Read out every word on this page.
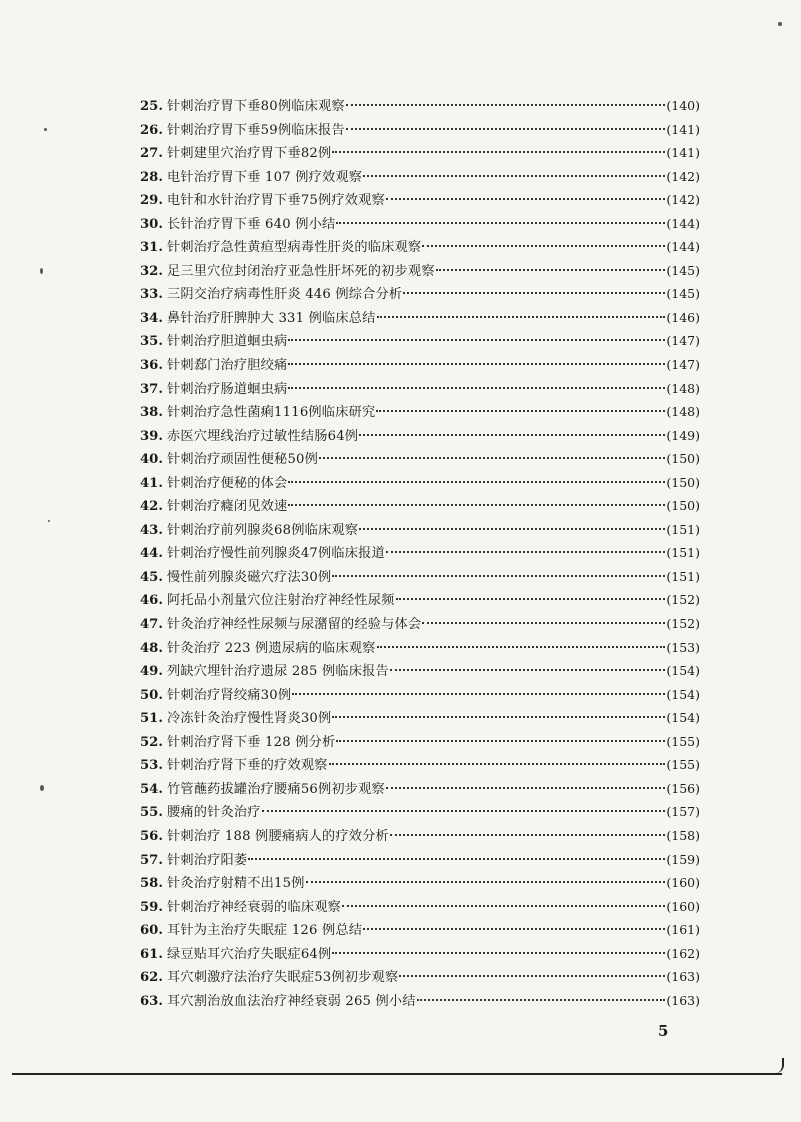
25. 针刺治疗胃下垂80例临床观察	(140)
26. 针刺治疗胃下垂59例临床报告	(141)
27. 针刺建里穴治疗胃下垂82例	(141)
28. 电针治疗胃下垂 107 例疗效观察	(142)
29. 电针和水针治疗胃下垂75例疗效观察	(142)
30. 长针治疗胃下垂 640 例小结	(144)
31. 针刺治疗急性黄疸型病毒性肝炎的临床观察	(144)
32. 足三里穴位封闭治疗亚急性肝坏死的初步观察	(145)
33. 三阴交治疗病毒性肝炎 446 例综合分析	(145)
34. 鼻针治疗肝脾肿大 331 例临床总结	(146)
35. 针刺治疗胆道蛔虫病	(147)
36. 针刺郄门治疗胆绞痛	(147)
37. 针刺治疗肠道蛔虫病	(148)
38. 针刺治疗急性菌痢1116例临床研究	(148)
39. 赤医穴埋线治疗过敏性结肠64例	(149)
40. 针刺治疗顽固性便秘50例	(150)
41. 针刺治疗便秘的体会	(150)
42. 针刺治疗癃闭见效速	(150)
43. 针刺治疗前列腺炎68例临床观察	(151)
44. 针刺治疗慢性前列腺炎47例临床报道	(151)
45. 慢性前列腺炎磁穴疗法30例	(151)
46. 阿托品小剂量穴位注射治疗神经性尿频	(152)
47. 针灸治疗神经性尿频与尿潴留的经验与体会	(152)
48. 针灸治疗 223 例遗尿病的临床观察	(153)
49. 列缺穴埋针治疗遗尿 285 例临床报告	(154)
50. 针刺治疗肾绞痛30例	(154)
51. 冷冻针灸治疗慢性肾炎30例	(154)
52. 针刺治疗肾下垂 128 例分析	(155)
53. 针刺治疗肾下垂的疗效观察	(155)
54. 竹管蘸药拔罐治疗腰痛56例初步观察	(156)
55. 腰痛的针灸治疗	(157)
56. 针刺治疗 188 例腰痛病人的疗效分析	(158)
57. 针刺治疗阳萎	(159)
58. 针灸治疗射精不出15例	(160)
59. 针刺治疗神经衰弱的临床观察	(160)
60. 耳针为主治疗失眠症 126 例总结	(161)
61. 绿豆贴耳穴治疗失眠症64例	(162)
62. 耳穴刺激疗法治疗失眠症53例初步观察	(163)
63. 耳穴割治放血法治疗神经衰弱 265 例小结	(163)
5
